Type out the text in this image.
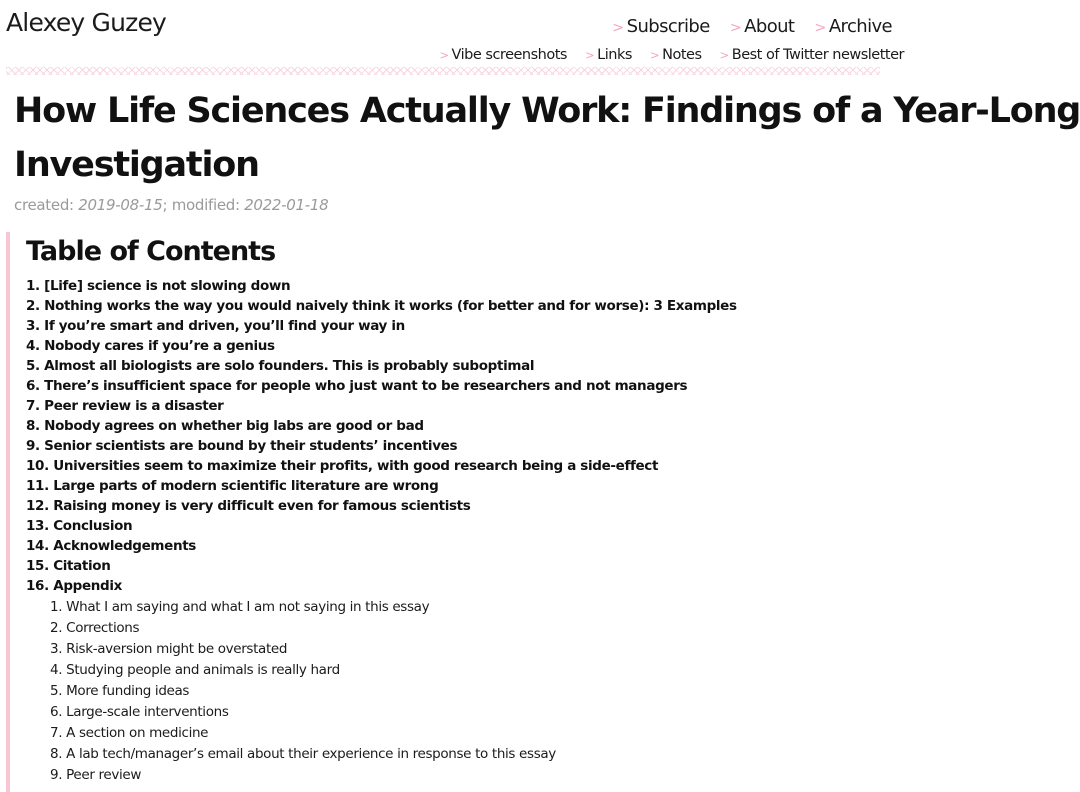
Alexey Guzey	> Subscribe > About > Archive
> Vibe screenshots > Links > Notes > Best of Twitter newsletter
How Life Sciences Actually Work: Findings of a Year-Long
Investigation
created: 2019-08-15; modified: 2022-01-18
Table of Contents
1. [Life] science is not slowing down
2. Nothing works the way you would naively think it works (for better and for worse): 3 Examples
3. If you’re smart and driven, you’ll find your way in
4. Nobody cares if you’re a genius
5. Almost all biologists are solo founders. This is probably suboptimal
6. There’s insufficient space for people who just want to be researchers and not managers
7. Peer review is a disaster
8. Nobody agrees on whether big labs are good or bad
9. Senior scientists are bound by their students’ incentives
10. Universities seem to maximize their profits, with good research being a side-effect
11. Large parts of modern scientific literature are wrong
12. Raising money is very difficult even for famous scientists
13. Conclusion
14. Acknowledgements
15. Citation
16. Appendix
1. What I am saying and what I am not saying in this essay
2. Corrections
3. Risk-aversion might be overstated
4. Studying people and animals is really hard
5. More funding ideas
6. Large-scale interventions
7. A section on medicine
8. A lab tech/manager’s email about their experience in response to this essay
9. Peer review
